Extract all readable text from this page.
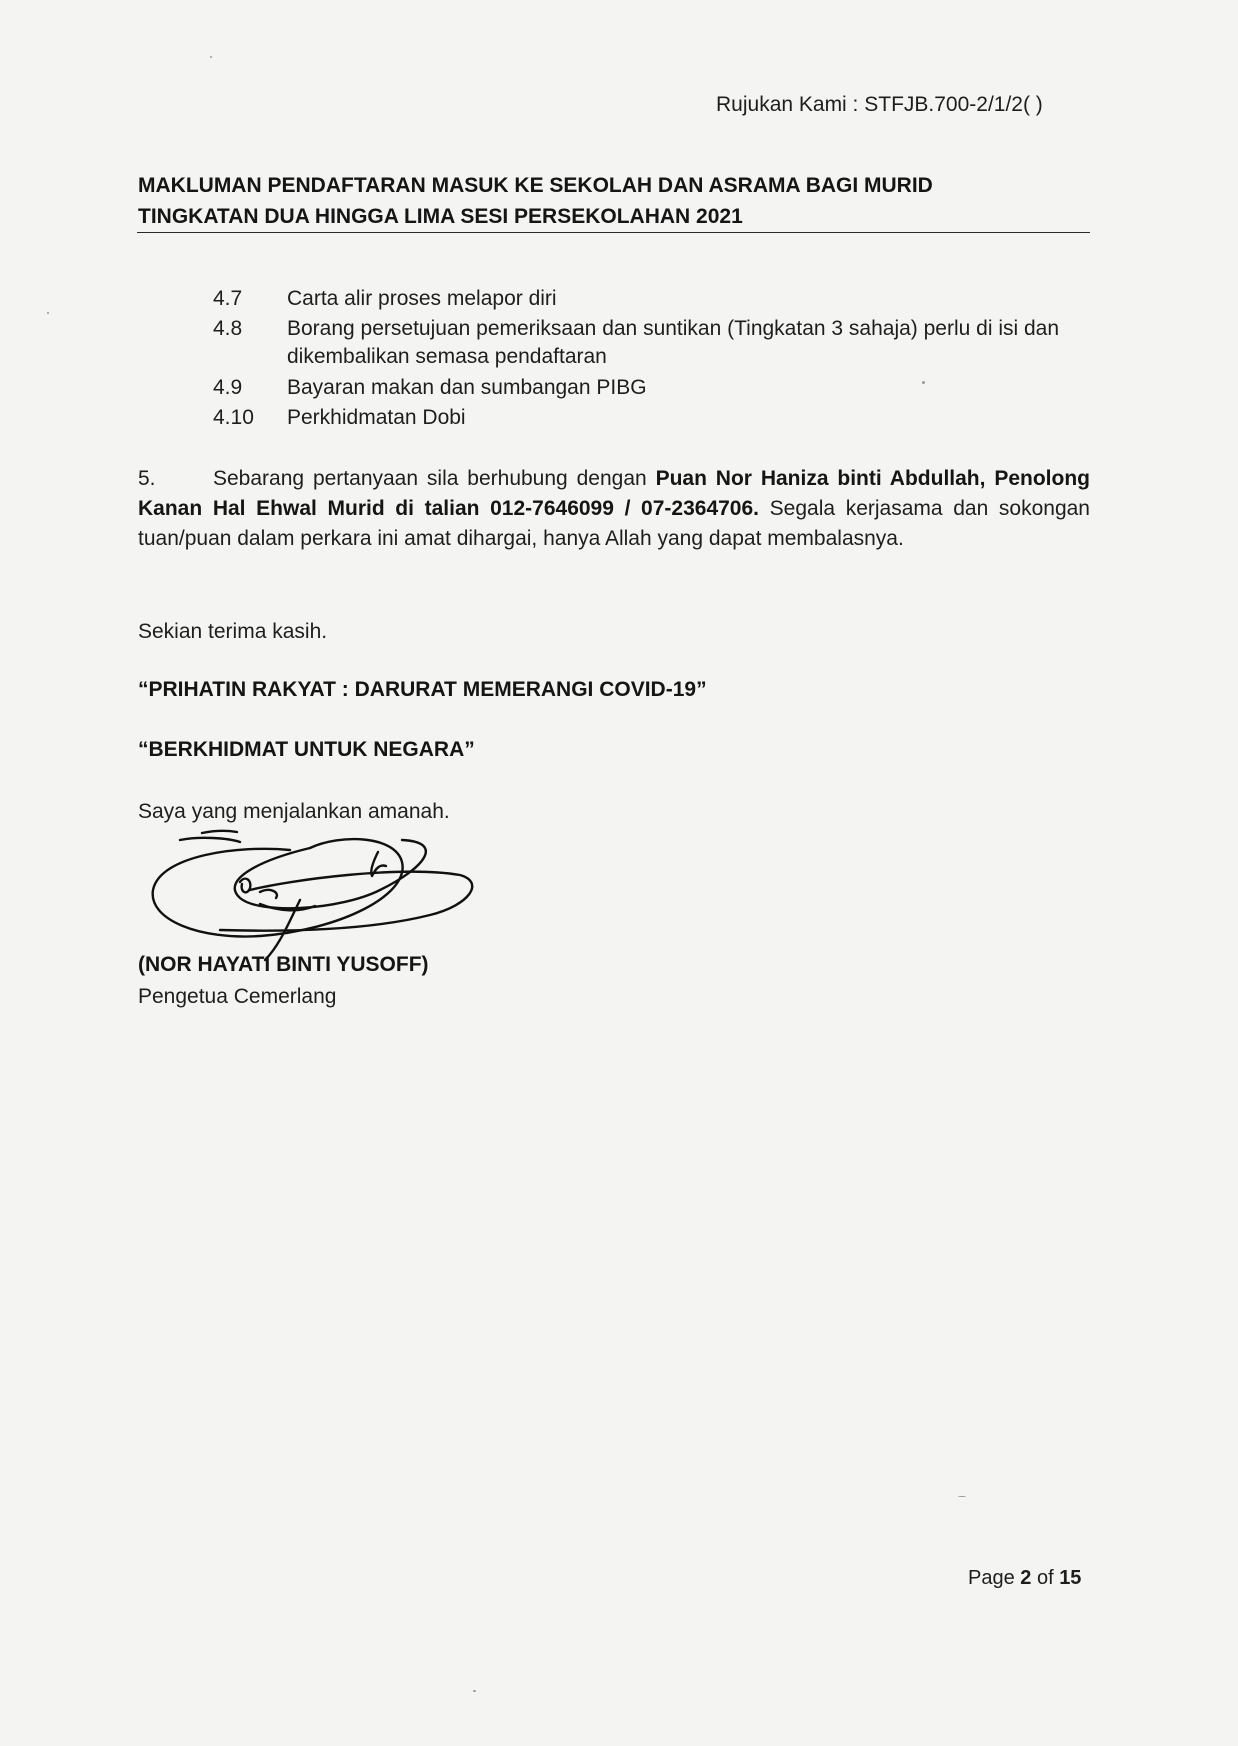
Rujukan Kami : STFJB.700-2/1/2( )
MAKLUMAN PENDAFTARAN MASUK KE SEKOLAH DAN ASRAMA BAGI MURID
TINGKATAN DUA HINGGA LIMA SESI PERSEKOLAHAN 2021
4.7	Carta alir proses melapor diri
4.8	Borang persetujuan pemeriksaan dan suntikan (Tingkatan 3 sahaja) perlu di isi dan dikembalikan semasa pendaftaran
4.9	Bayaran makan dan sumbangan PIBG
4.10	Perkhidmatan Dobi
5.	Sebarang pertanyaan sila berhubung dengan Puan Nor Haniza binti Abdullah, Penolong Kanan Hal Ehwal Murid di talian 012-7646099 / 07-2364706. Segala kerjasama dan sokongan tuan/puan dalam perkara ini amat dihargai, hanya Allah yang dapat membalasnya.
Sekian terima kasih.
“PRIHATIN RAKYAT : DARURAT MEMERANGI COVID-19”
“BERKHIDMAT UNTUK NEGARA”
Saya yang menjalankan amanah.
(NOR HAYATI BINTI YUSOFF)
Pengetua Cemerlang
Page 2 of 15
